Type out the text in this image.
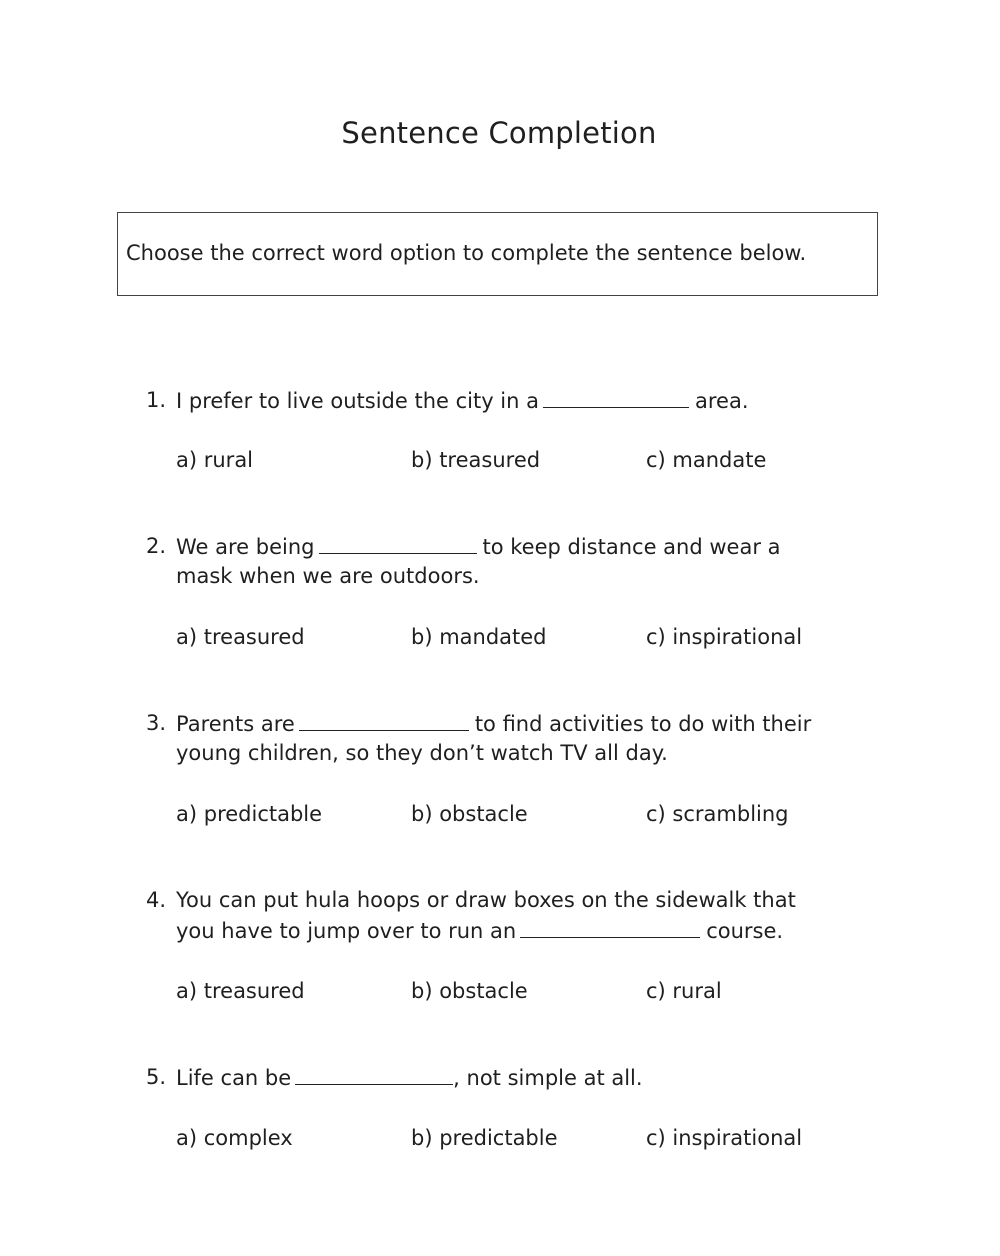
Sentence Completion
Choose the correct word option to complete the sentence below.
1. I prefer to live outside the city in a	area.
a) rural	b) treasured	c) mandate
2. We are being	to keep distance and wear a
mask when we are outdoors.
a) treasured	b) mandated	c) inspirational
3. Parents are	to find activities to do with their
young children, so they don’t watch TV all day.
a) predictable	b) obstacle	c) scrambling
4. You can put hula hoops or draw boxes on the sidewalk that
you have to jump over to run an	course.
a) treasured	b) obstacle	c) rural
5. Life can be	, not simple at all.
a) complex	b) predictable	c) inspirational
